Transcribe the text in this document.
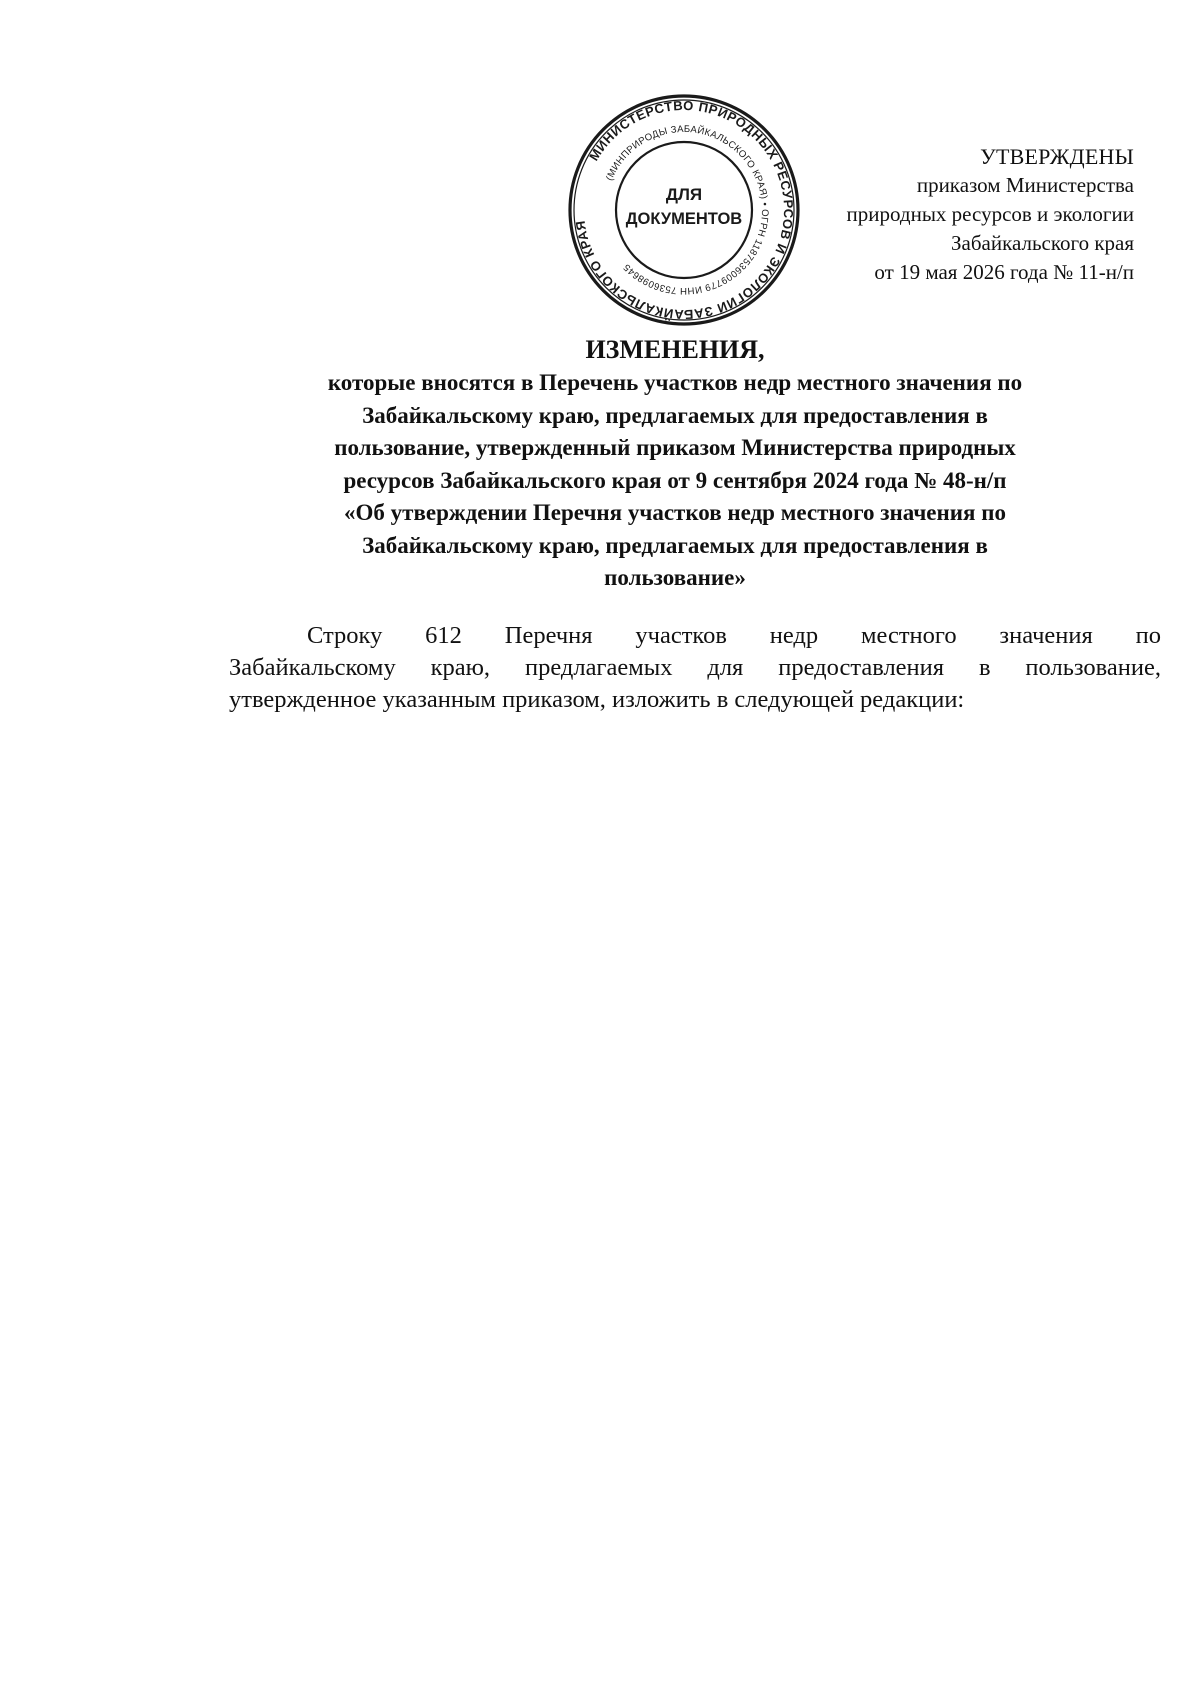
МИНИСТЕРСТВО ПРИРОДНЫХ РЕСУРСОВ И ЭКОЛОГИИ ЗАБАЙКАЛЬСКОГО КРАЯ
(МИНПРИРОДЫ ЗАБАЙКАЛЬСКОГО КРАЯ) • ОГРН 1187536009779 ИНН 7536098645
ДЛЯ
ДОКУМЕНТОВ
УТВЕРЖДЕНЫ
приказом Министерства
природных ресурсов и экологии
Забайкальского края
от 19 мая 2026 года № 11-н/п
ИЗМЕНЕНИЯ,
которые вносятся в Перечень участков недр местного значения по
Забайкальскому краю, предлагаемых для предоставления в
пользование, утвержденный приказом Министерства природных
ресурсов Забайкальского края от 9 сентября 2024 года № 48-н/п
«Об утверждении Перечня участков недр местного значения по
Забайкальскому краю, предлагаемых для предоставления в
пользование»
Строку 612 Перечня участков недр местного значения по
Забайкальскому краю, предлагаемых для предоставления в пользование,
утвержденное указанным приказом, изложить в следующей редакции:
